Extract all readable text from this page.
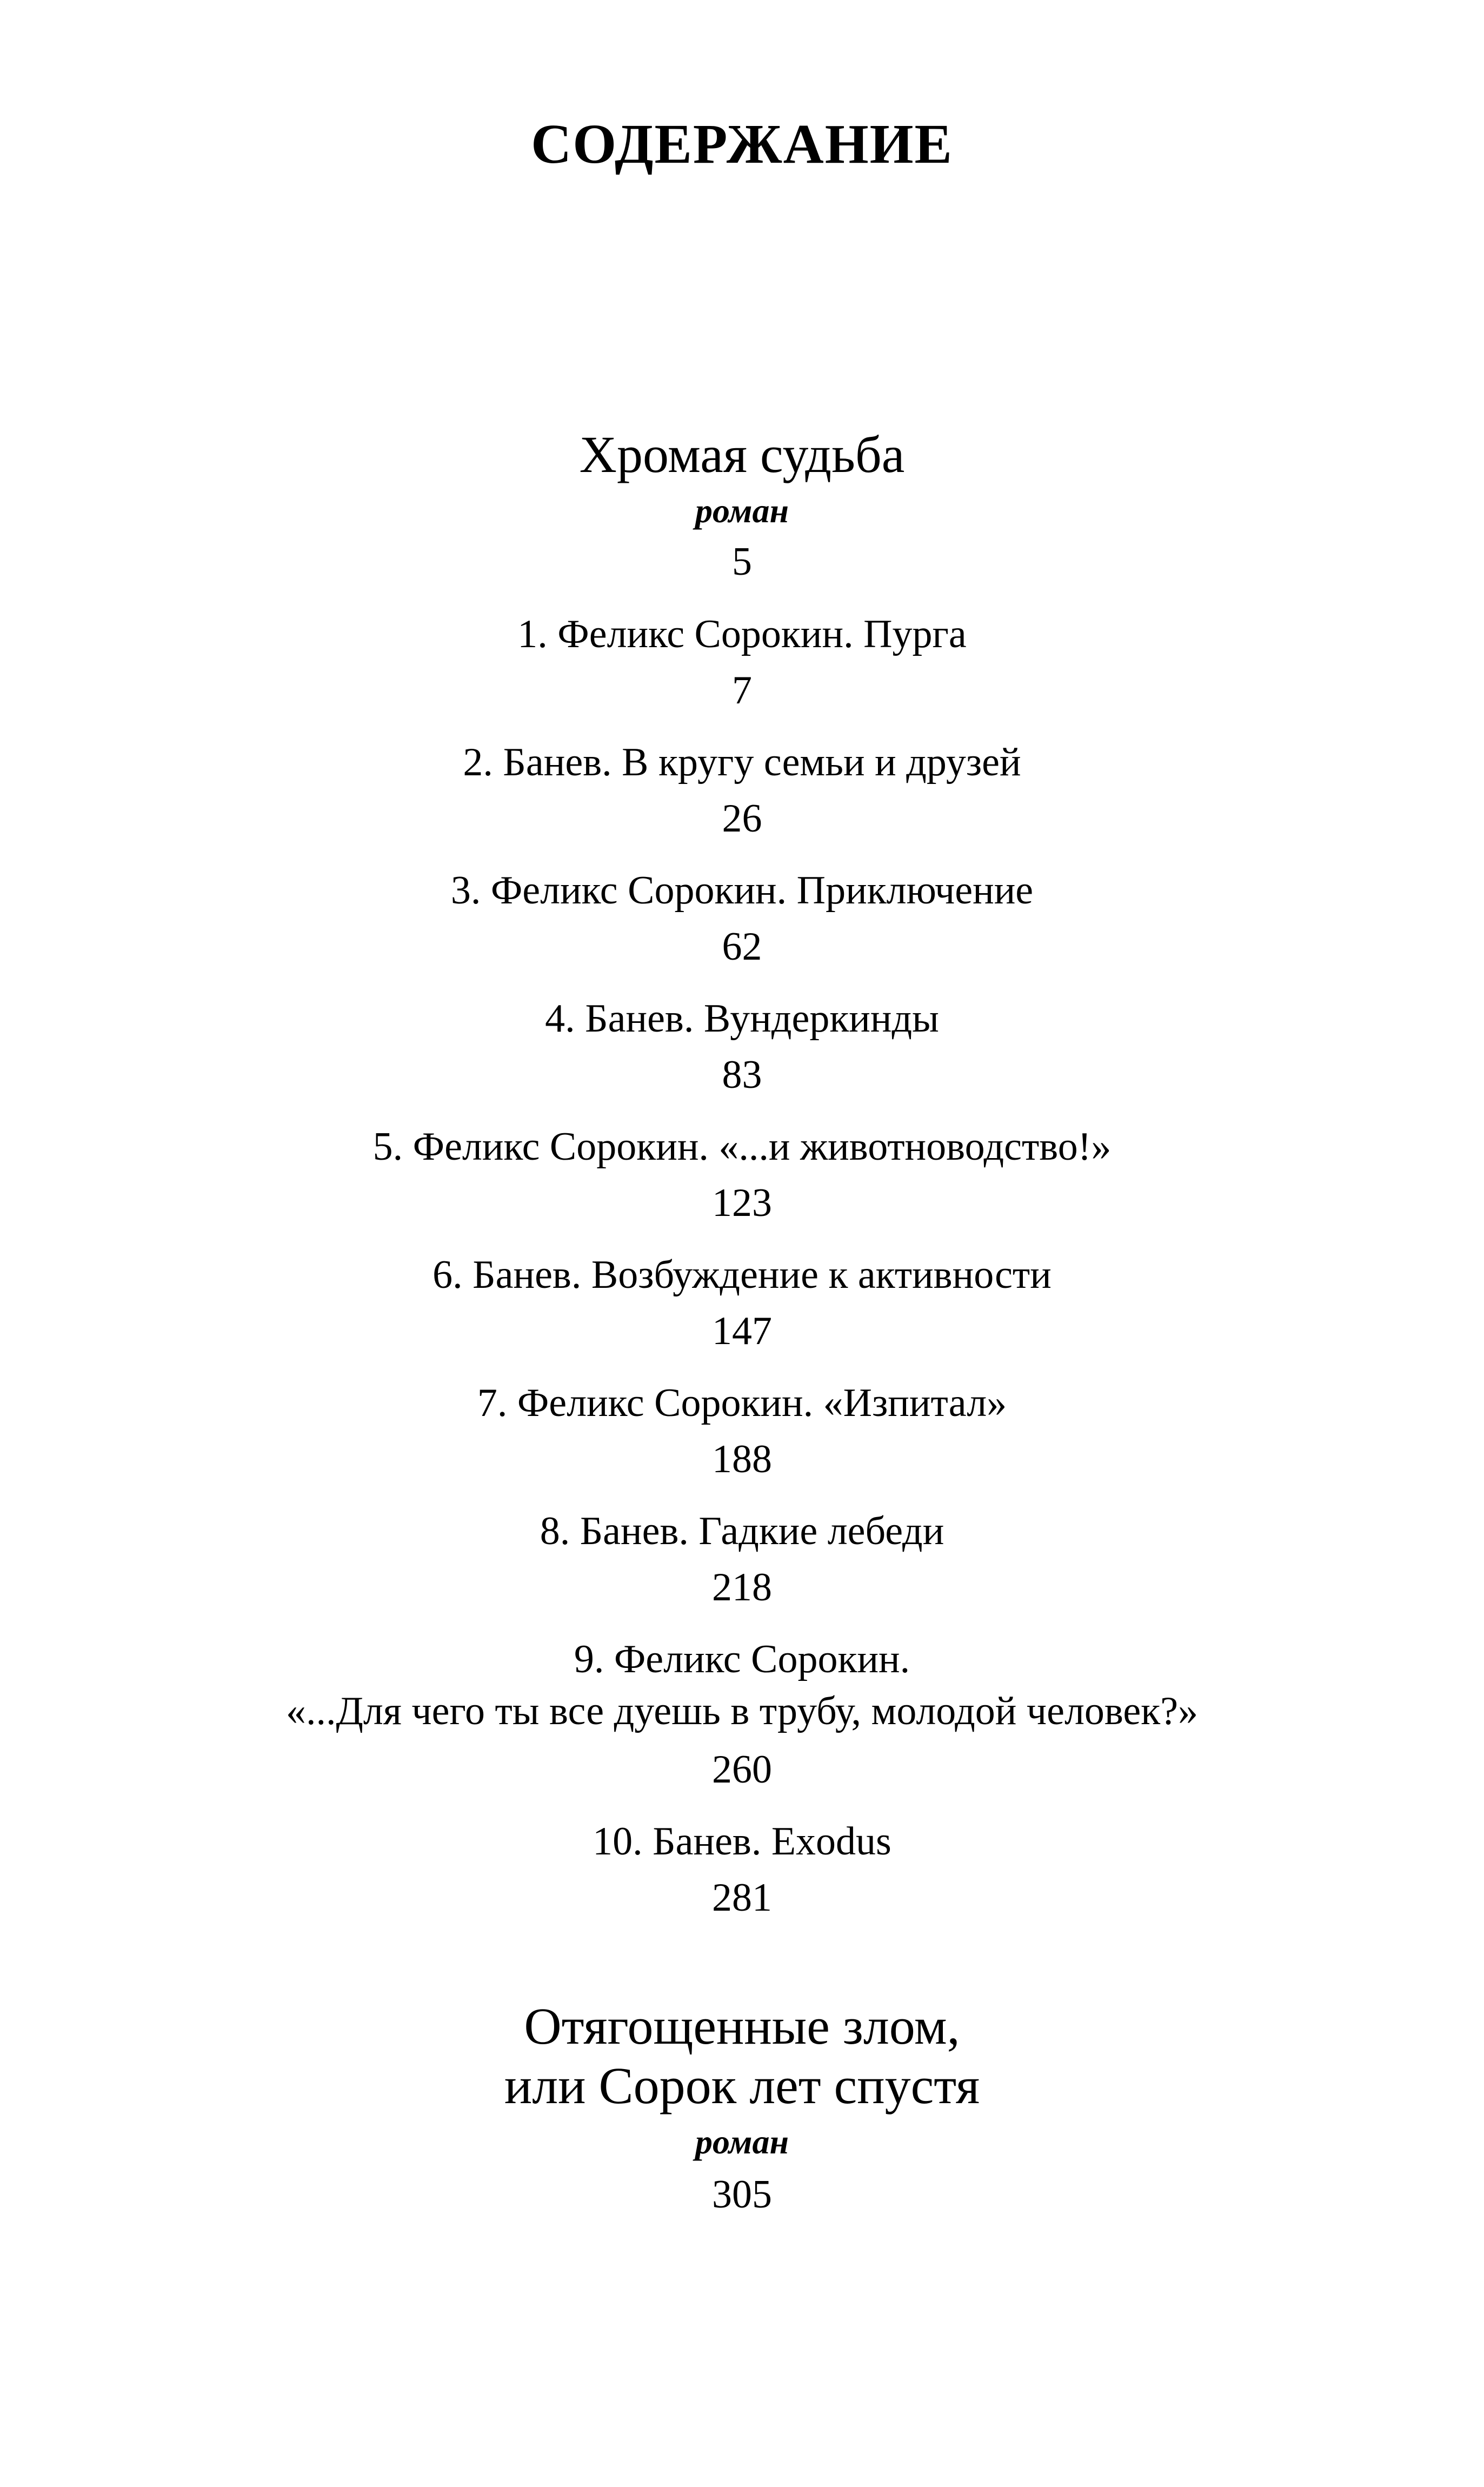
СОДЕРЖАНИЕ
Хромая судьба
роман
5
1. Феликс Сорокин. Пурга
7
2. Банев. В кругу семьи и друзей
26
3. Феликс Сорокин. Приключение
62
4. Банев. Вундеркинды
83
5. Феликс Сорокин. «...и животноводство!»
123
6. Банев. Возбуждение к активности
147
7. Феликс Сорокин. «Изпитал»
188
8. Банев. Гадкие лебеди
218
9. Феликс Сорокин.
«...Для чего ты все дуешь в трубу, молодой человек?»
260
10. Банев. Exodus
281
Отягощенные злом,
или Сорок лет спустя
роман
305
